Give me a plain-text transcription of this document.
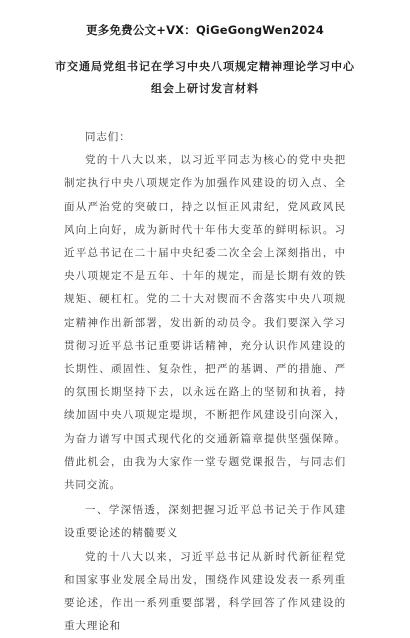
更多免费公文+VX：QiGeGongWen2024
市交通局党组书记在学习中央八项规定精神理论学习中心组会上研讨发言材料

同志们：

党的十八大以来，以习近平同志为核心的党中央把制定执行中央八项规定作为加强作风建设的切入点、全面从严治党的突破口，持之以恒正风肃纪，党风政风民风向上向好，成为新时代十年伟大变革的鲜明标识。习近平总书记在二十届中央纪委二次全会上深刻指出，中央八项规定不是五年、十年的规定，而是长期有效的铁规矩、硬杠杠。党的二十大对锲而不舍落实中央八项规定精神作出新部署，发出新的动员令。我们要深入学习贯彻习近平总书记重要讲话精神，充分认识作风建设的长期性、顽固性、复杂性，把严的基调、严的措施、严的氛围长期坚持下去，以永远在路上的坚韧和执着，持续加固中央八项规定堤坝，不断把作风建设引向深入，为奋力谱写中国式现代化的交通新篇章提供坚强保障。借此机会，由我为大家作一堂专题党课报告，与同志们共同交流。

一、学深悟透，深刻把握习近平总书记关于作风建设重要论述的精髓要义

党的十八大以来，习近平总书记从新时代新征程党和国家事业发展全局出发，围绕作风建设发表一系列重要论述，作出一系列重要部署，科学回答了作风建设的重大理论和
